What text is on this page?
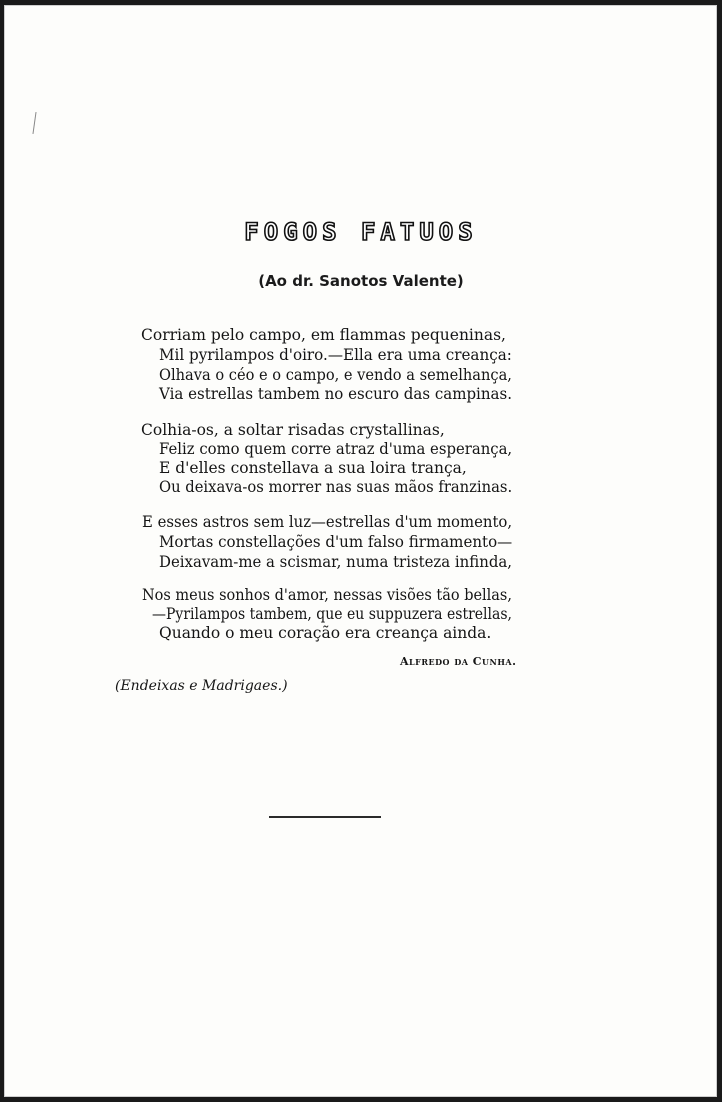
FOGOS FATUOS
(Ao dr. Sanotos Valente)
Corriam pelo campo, em flammas pequeninas,
Mil pyrilampos d'oiro.—Ella era uma creança:
Olhava o céo e o campo, e vendo a semelhança,
Via estrellas tambem no escuro das campinas.
Colhia-os, a soltar risadas crystallinas,
Feliz como quem corre atraz d'uma esperança,
E d'elles constellava a sua loira trança,
Ou deixava-os morrer nas suas mãos franzinas.
E esses astros sem luz—estrellas d'um momento,
Mortas constellações d'um falso firmamento—
Deixavam-me a scismar, numa tristeza infinda,
Nos meus sonhos d'amor, nessas visões tão bellas,
—Pyrilampos tambem, que eu suppuzera estrellas,
Quando o meu coração era creança ainda.
Alfredo da Cunha.
(Endeixas e Madrigaes.)
